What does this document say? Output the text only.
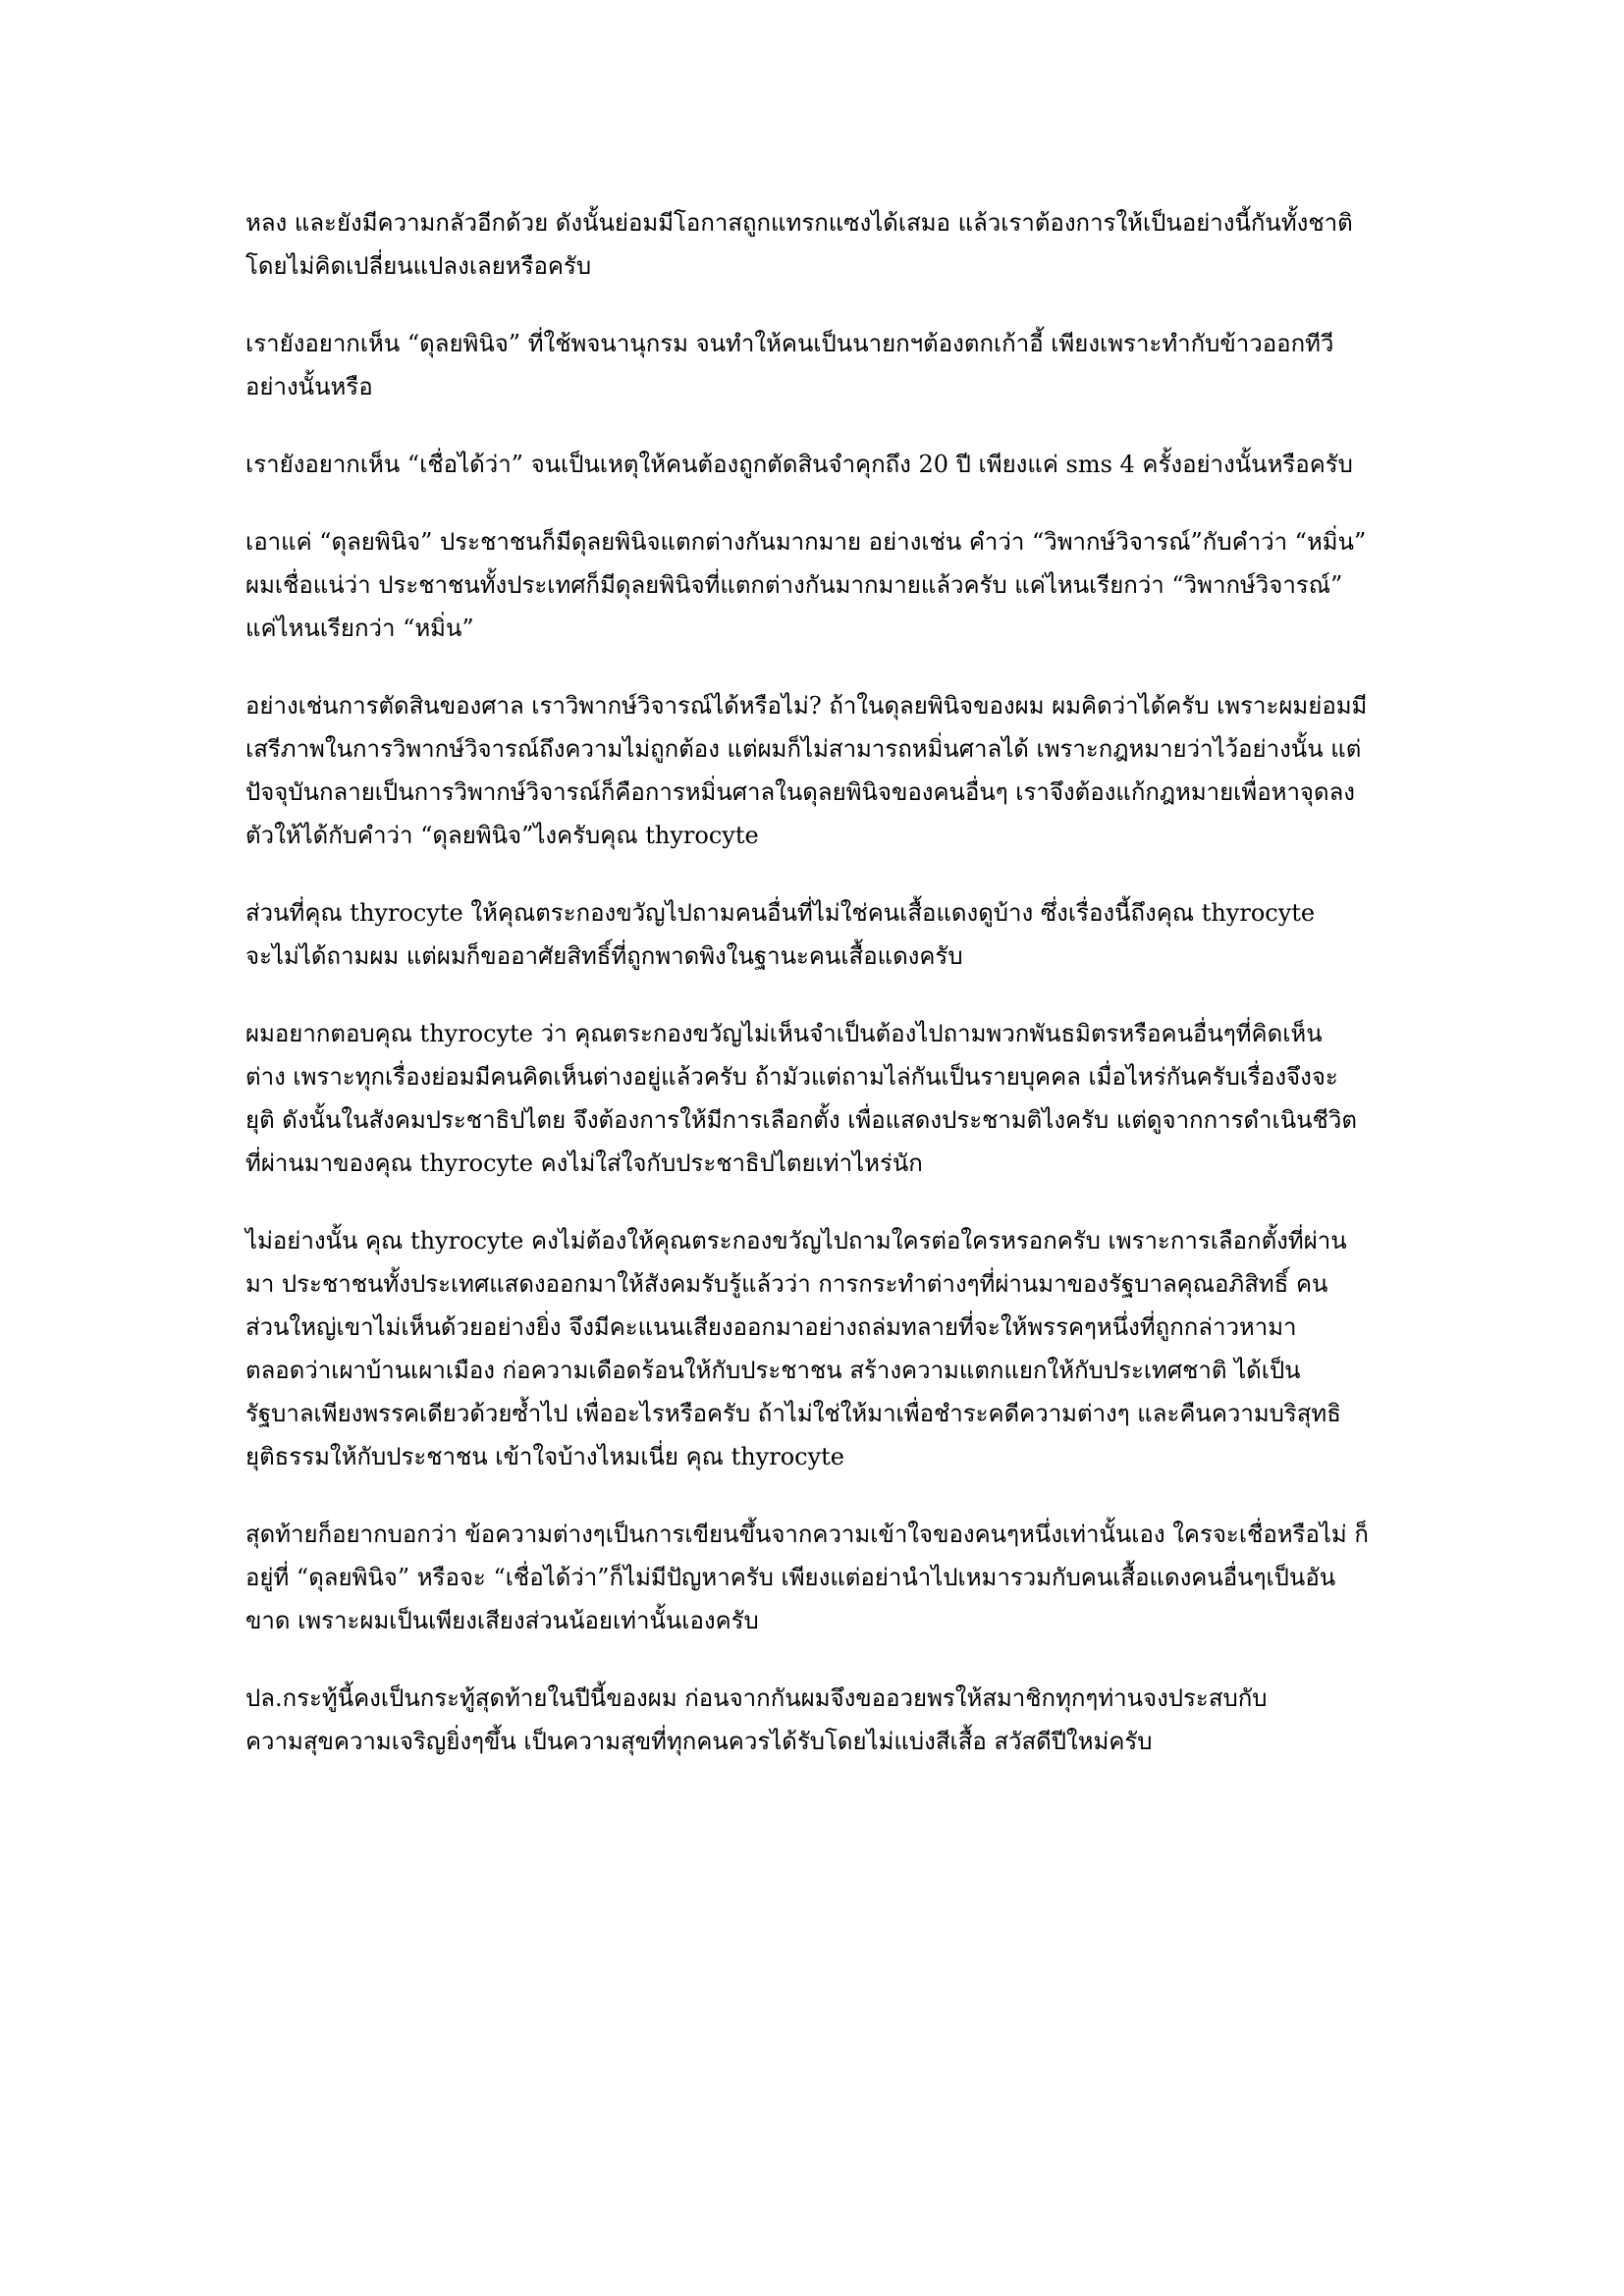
หลง และยังมีความกลัวอีกด้วย ดังนั้นย่อมมีโอกาสถูกแทรกแซงได้เสมอ แล้วเราต้องการให้เป็นอย่างนี้กันทั้งชาติ
โดยไม่คิดเปลี่ยนแปลงเลยหรือครับ
เรายังอยากเห็น “ดุลยพินิจ” ที่ใช้พจนานุกรม จนทำให้คนเป็นนายกฯต้องตกเก้าอี้ เพียงเพราะทำกับข้าวออกทีวี
อย่างนั้นหรือ
เรายังอยากเห็น “เชื่อได้ว่า” จนเป็นเหตุให้คนต้องถูกตัดสินจำคุกถึง 20 ปี เพียงแค่ sms 4 ครั้งอย่างนั้นหรือครับ
เอาแค่ “ดุลยพินิจ” ประชาชนก็มีดุลยพินิจแตกต่างกันมากมาย อย่างเช่น คำว่า “วิพากษ์วิจารณ์”กับคำว่า “หมิ่น”
ผมเชื่อแน่ว่า ประชาชนทั้งประเทศก็มีดุลยพินิจที่แตกต่างกันมากมายแล้วครับ แค่ไหนเรียกว่า “วิพากษ์วิจารณ์”
แค่ไหนเรียกว่า “หมิ่น”
อย่างเช่นการตัดสินของศาล เราวิพากษ์วิจารณ์ได้หรือไม่? ถ้าในดุลยพินิจของผม ผมคิดว่าได้ครับ เพราะผมย่อมมี
เสรีภาพในการวิพากษ์วิจารณ์ถึงความไม่ถูกต้อง แต่ผมก็ไม่สามารถหมิ่นศาลได้ เพราะกฎหมายว่าไว้อย่างนั้น แต่
ปัจจุบันกลายเป็นการวิพากษ์วิจารณ์ก็คือการหมิ่นศาลในดุลยพินิจของคนอื่นๆ เราจึงต้องแก้กฎหมายเพื่อหาจุดลง
ตัวให้ได้กับคำว่า “ดุลยพินิจ”ไงครับคุณ thyrocyte
ส่วนที่คุณ thyrocyte ให้คุณตระกองขวัญไปถามคนอื่นที่ไม่ใช่คนเสื้อแดงดูบ้าง ซึ่งเรื่องนี้ถึงคุณ thyrocyte
จะไม่ได้ถามผม แต่ผมก็ขออาศัยสิทธิ์ที่ถูกพาดพิงในฐานะคนเสื้อแดงครับ
ผมอยากตอบคุณ thyrocyte ว่า คุณตระกองขวัญไม่เห็นจำเป็นต้องไปถามพวกพันธมิตรหรือคนอื่นๆที่คิดเห็น
ต่าง เพราะทุกเรื่องย่อมมีคนคิดเห็นต่างอยู่แล้วครับ ถ้ามัวแต่ถามไล่กันเป็นรายบุคคล เมื่อไหร่กันครับเรื่องจึงจะ
ยุติ ดังนั้นในสังคมประชาธิปไตย จึงต้องการให้มีการเลือกตั้ง เพื่อแสดงประชามติไงครับ แต่ดูจากการดำเนินชีวิต
ที่ผ่านมาของคุณ thyrocyte คงไม่ใส่ใจกับประชาธิปไตยเท่าไหร่นัก
ไม่อย่างนั้น คุณ thyrocyte คงไม่ต้องให้คุณตระกองขวัญไปถามใครต่อใครหรอกครับ เพราะการเลือกตั้งที่ผ่าน
มา ประชาชนทั้งประเทศแสดงออกมาให้สังคมรับรู้แล้วว่า การกระทำต่างๆที่ผ่านมาของรัฐบาลคุณอภิสิทธิ์ คน
ส่วนใหญ่เขาไม่เห็นด้วยอย่างยิ่ง จึงมีคะแนนเสียงออกมาอย่างถล่มทลายที่จะให้พรรคๆหนึ่งที่ถูกกล่าวหามา
ตลอดว่าเผาบ้านเผาเมือง ก่อความเดือดร้อนให้กับประชาชน สร้างความแตกแยกให้กับประเทศชาติ ได้เป็น
รัฐบาลเพียงพรรคเดียวด้วยซ้ำไป เพื่ออะไรหรือครับ ถ้าไม่ใช่ให้มาเพื่อชำระคดีความต่างๆ และคืนความบริสุทธิ
ยุติธรรมให้กับประชาชน เข้าใจบ้างไหมเนี่ย คุณ thyrocyte
สุดท้ายก็อยากบอกว่า ข้อความต่างๆเป็นการเขียนขึ้นจากความเข้าใจของคนๆหนึ่งเท่านั้นเอง ใครจะเชื่อหรือไม่ ก็
อยู่ที่ “ดุลยพินิจ” หรือจะ “เชื่อได้ว่า”ก็ไม่มีปัญหาครับ เพียงแต่อย่านำไปเหมารวมกับคนเสื้อแดงคนอื่นๆเป็นอัน
ขาด เพราะผมเป็นเพียงเสียงส่วนน้อยเท่านั้นเองครับ
ปล.กระทู้นี้คงเป็นกระทู้สุดท้ายในปีนี้ของผม ก่อนจากกันผมจึงขออวยพรให้สมาชิกทุกๆท่านจงประสบกับ
ความสุขความเจริญยิ่งๆขึ้น เป็นความสุขที่ทุกคนควรได้รับโดยไม่แบ่งสีเสื้อ สวัสดีปีใหม่ครับ
